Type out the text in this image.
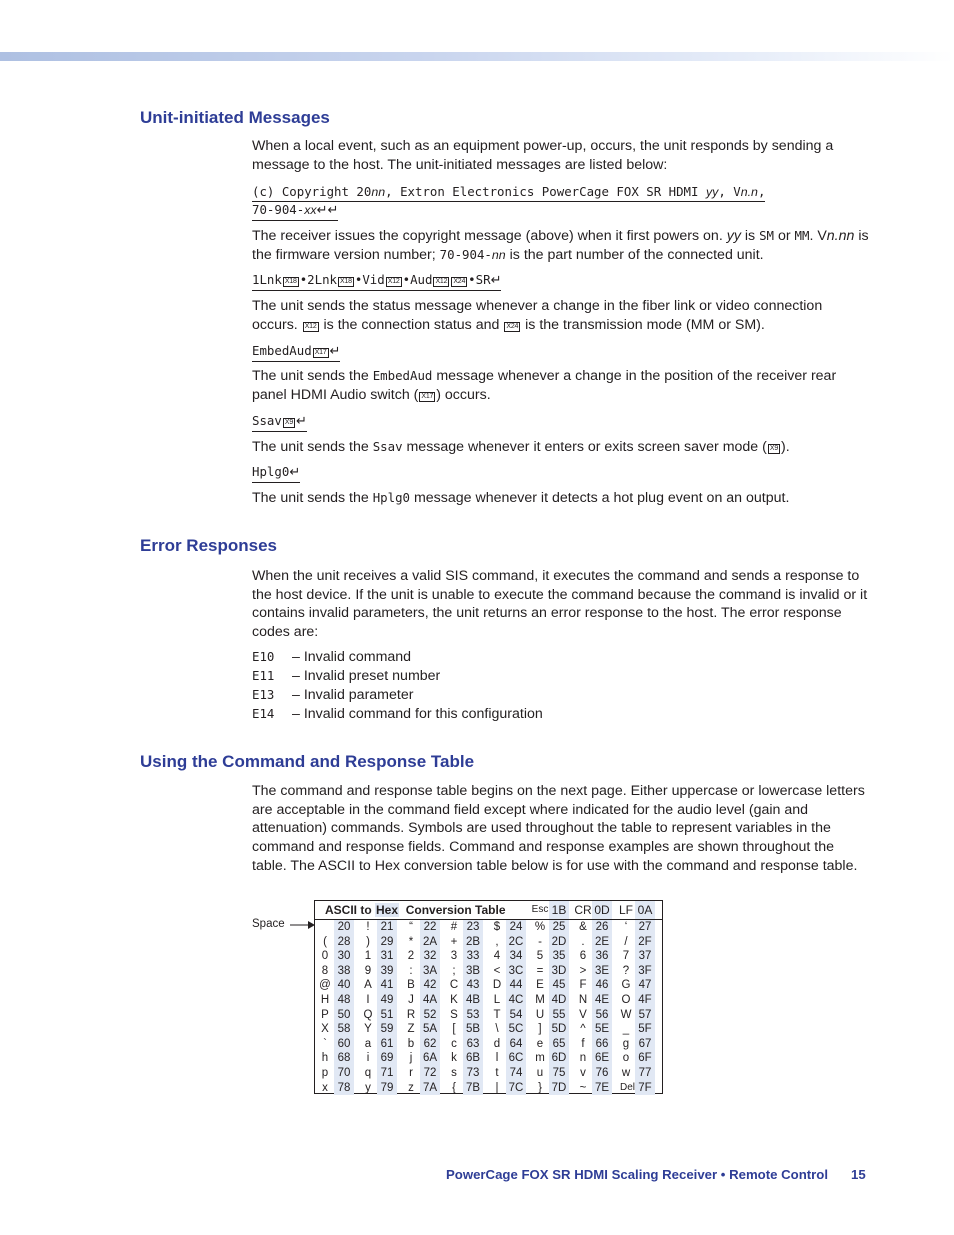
Unit-initiated Messages

When a local event, such as an equipment power-up, occurs, the unit responds by sending a message to the host. The unit-initiated messages are listed below:

(c) Copyright 20nn, Extron Electronics PowerCage FOX SR HDMI yy, Vn.n,
70-904-xx↵↵

The receiver issues the copyright message (above) when it first powers on. yy is SM or MM. Vn.nn is the firmware version number; 70-904-nn is the part number of the connected unit.

1Lnk X18 •2Lnk X18 •Vid X12 •Aud X12 X24 •SR↵

The unit sends the status message whenever a change in the fiber link or video connection occurs. X12 is the connection status and X24 is the transmission mode (MM or SM).

EmbedAud X17 ↵

The unit sends the EmbedAud message whenever a change in the position of the receiver rear panel HDMI Audio switch ( X17 ) occurs.

Ssav X9 ↵

The unit sends the Ssav message whenever it enters or exits screen saver mode ( X9 ).

Hplg0↵

The unit sends the Hplg0 message whenever it detects a hot plug event on an output.

Error Responses

When the unit receives a valid SIS command, it executes the command and sends a response to the host device. If the unit is unable to execute the command because the command is invalid or it contains invalid parameters, the unit returns an error response to the host. The error response codes are:

E10 – Invalid command
E11 – Invalid preset number
E13 – Invalid parameter
E14 – Invalid command for this configuration
Using the Command and Response Table

The command and response table begins on the next page. Either uppercase or lowercase letters are acceptable in the command field except where indicated for the audio level (gain and attenuation) commands. Symbols are used throughout the table to represent variables in the command and response fields. Command and response examples are shown throughout the table. The ASCII to Hex conversion table below is for use with the command and response table.

Space
ASCII to Hex Conversion Table	Esc 1B CR 0D LF 0A
20	! 21	“ 22	# 23	$ 24	% 25	& 26	‘ 27
( 28	) 29	* 2A + 2B	, 2C	- 2D	. 2E	/ 2F
0 30	1 31	2 32	3 33	4 34	5 35	6 36	7 37
8 38	9 39	: 3A	; 3B < 3C = 3D > 3E ? 3F
@ 40	A 41	B 42	C 43	D 44	E 45	F 46	G 47
H 48	I 49	J 4A K 4B L 4C M 4D N 4E O 4F
P 50	Q 51	R 52	S 53	T 54	U 55	V 56	W 57
X 58	Y 59	Z 5A	[ 5B	\ 5C	] 5D ^ 5E _ 5F
` 60	a 61	b 62	c 63	d 64	e 65	f 66	g 67
h 68	i 69	j 6A k 6B	l 6C m 6D n 6E o 6F
p 70	q 71	r 72	s 73	t 74	u 75	v 76	w 77
x 78	y 79	z 7A	{ 7B	| 7C	} 7D ~ 7E Del 7F
PowerCage FOX SR HDMI Scaling Receiver • Remote Control 15
